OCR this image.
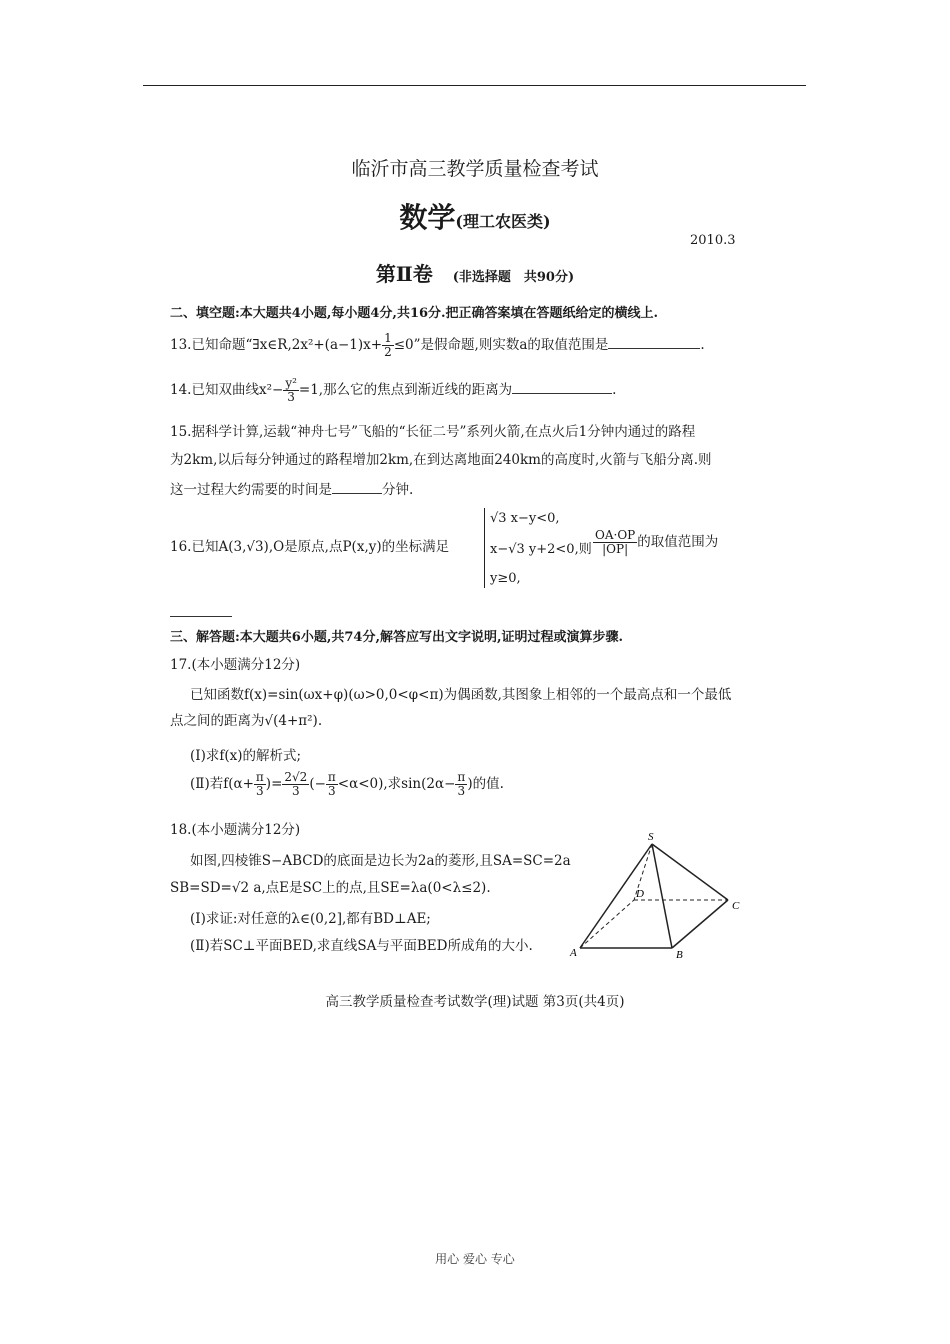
临沂市高三教学质量检查考试
数学(理工农医类)
2010.3
第Ⅱ卷　 (非选择题　共90分)
二、填空题:本大题共4小题,每小题4分,共16分.把正确答案填在答题纸给定的横线上.
13.已知命题“∃x∈R,2x²+(a−1)x+ $\frac{1}{2} \le 0$”是假命题,则实数a的取值范围是	.
14.已知双曲线$x^2- \frac{\text{y²}}{3} =1$,那么它的焦点到渐近线的距离为	.
15.据科学计算,运载“神舟七号”飞船的“长征二号”系列火箭,在点火后1分钟内通过的路程
为2km,以后每分钟通过的路程增加2km,在到达离地面240km的高度时,火箭与飞船分离.则
这一过程大约需要的时间是	分钟.
16.已知A(3,√3),O是原点,点P(x,y)的坐标满足
√3 x−y<0,
x−√3 y+2<0,则
y≥0,
$\frac{OA\cdot OP}{|OP|}$ 的取值范围为
三、解答题:本大题共6小题,共74分,解答应写出文字说明,证明过程或演算步骤.
17.(本小题满分12分)
已知函数f(x)=sin(ωx+φ)(ω>0,0<φ<π)为偶函数,其图象上相邻的一个最高点和一个最低
点之间的距离为√(4+π²).
(Ⅰ)求f(x)的解析式;
(Ⅱ)若$f(\alpha+ \frac{\pi}{3}$ )= $\frac{2√2}{3}$ (− $\frac{\pi}{3} <\alpha<0$),求$\sin(2\alpha- \frac{\pi}{3}$ )的值.
18.(本小题满分12分)
如图,四棱锥S−ABCD的底面是边长为2a的菱形,且SA=SC=2a
SB=SD=√2 a,点E是SC上的点,且SE=λa(0<λ≤2).
(Ⅰ)求证:对任意的λ∈(0,2],都有BD⊥AE;
(Ⅱ)若SC⊥平面BED,求直线SA与平面BED所成角的大小.
S
A	B
C
D
高三教学质量检查考试数学(理)试题 第3页(共4页)
用心 爱心 专心
